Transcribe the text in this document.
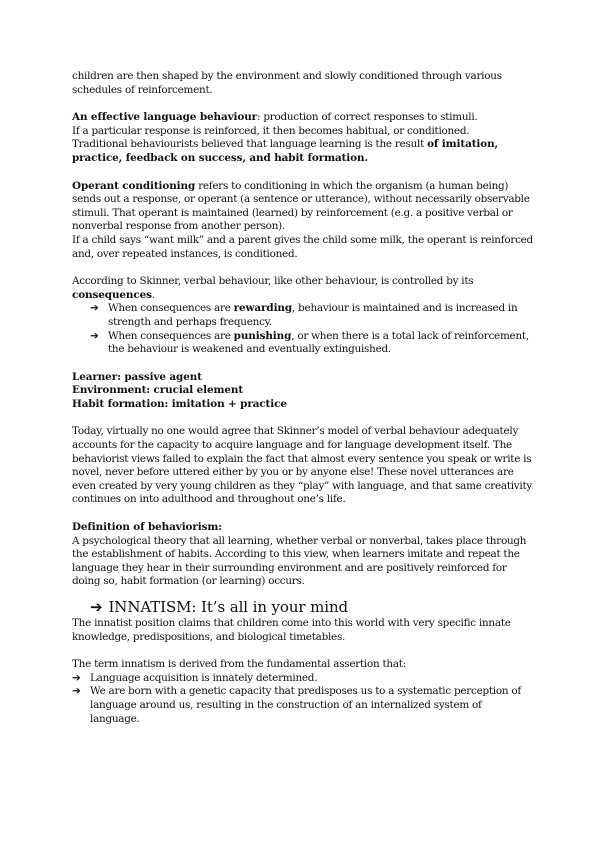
children are then shaped by the environment and slowly conditioned through various schedules of reinforcement.

An effective language behaviour: production of correct responses to stimuli.
If a particular response is reinforced, it then becomes habitual, or conditioned.
Traditional behaviourists believed that language learning is the result of imitation, practice, feedback on success, and habit formation.

Operant conditioning refers to conditioning in which the organism (a human being) sends out a response, or operant (a sentence or utterance), without necessarily observable stimuli. That operant is maintained (learned) by reinforcement (e.g. a positive verbal or nonverbal response from another person).
If a child says “want milk” and a parent gives the child some milk, the operant is reinforced and, over repeated instances, is conditioned.

According to Skinner, verbal behaviour, like other behaviour, is controlled by its consequences.

➔ When consequences are rewarding, behaviour is maintained and is increased in strength and perhaps frequency.
➔ When consequences are punishing, or when there is a total lack of reinforcement, the behaviour is weakened and eventually extinguished.

Learner: passive agent
Environment: crucial element
Habit formation: imitation + practice

Today, virtually no one would agree that Skinner’s model of verbal behaviour adequately accounts for the capacity to acquire language and for language development itself. The behaviorist views failed to explain the fact that almost every sentence you speak or write is novel, never before uttered either by you or by anyone else! These novel utterances are even created by very young children as they “play” with language, and that same creativity continues on into adulthood and throughout one’s life.

Definition of behaviorism:
A psychological theory that all learning, whether verbal or nonverbal, takes place through the establishment of habits. According to this view, when learners imitate and repeat the language they hear in their surrounding environment and are positively reinforced for doing so, habit formation (or learning) occurs.

➔ INNATISM: It’s all in your mind

The innatist position claims that children come into this world with very specific innate knowledge, predispositions, and biological timetables.

The term innatism is derived from the fundamental assertion that:

➔ Language acquisition is innately determined.
➔ We are born with a genetic capacity that predisposes us to a systematic perception of language around us, resulting in the construction of an internalized system of language.
